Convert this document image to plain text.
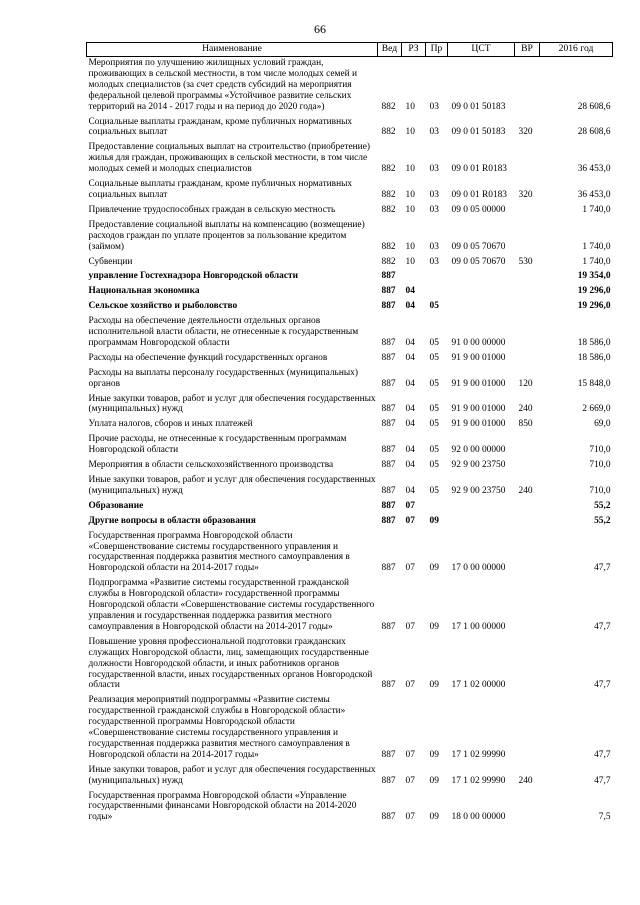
66
Наименование	Вед	РЗ	Пр	ЦСТ	ВР	2016 год
Мероприятия по улучшению жилищных условий граждан, проживающих в сельской местности, в том числе молодых семей и молодых специалистов (за счет средств субсидий на мероприятия федеральной целевой программы «Устойчивое развитие сельских территорий на 2014 - 2017 годы и на период до 2020 года»)	882	10	03	09 0 01 50183		28 608,6
Социальные выплаты гражданам, кроме публичных нормативных социальных выплат	882	10	03	09 0 01 50183	320	28 608,6
Предоставление социальных выплат на строительство (приобретение) жилья для граждан, проживающих в сельской местности, в том числе молодых семей и молодых специалистов	882	10	03	09 0 01 R0183		36 453,0
Социальные выплаты гражданам, кроме публичных нормативных социальных выплат	882	10	03	09 0 01 R0183	320	36 453,0
Привлечение трудоспособных граждан в сельскую местность	882	10	03	09 0 05 00000		1 740,0
Предоставление социальной выплаты на компенсацию (возмещение) расходов граждан по уплате процентов за пользование кредитом (займом)	882	10	03	09 0 05 70670		1 740,0
Субвенции	882	10	03	09 0 05 70670	530	1 740,0
управление Гостехнадзора Новгородской области	887					19 354,0
Национальная экономика	887	04				19 296,0
Сельское хозяйство и рыболовство	887	04	05			19 296,0
Расходы на обеспечение деятельности отдельных органов исполнительной власти области, не отнесенные к государственным программам Новгородской области	887	04	05	91 0 00 00000		18 586,0
Расходы на обеспечение функций государственных органов	887	04	05	91 9 00 01000		18 586,0
Расходы на выплаты персоналу государственных (муниципальных) органов	887	04	05	91 9 00 01000	120	15 848,0
Иные закупки товаров, работ и услуг для обеспечения государственных (муниципальных) нужд	887	04	05	91 9 00 01000	240	2 669,0
Уплата налогов, сборов и иных платежей	887	04	05	91 9 00 01000	850	69,0
Прочие расходы, не отнесенные к государственным программам Новгородской области	887	04	05	92 0 00 00000		710,0
Мероприятия в области сельскохозяйственного производства	887	04	05	92 9 00 23750		710,0
Иные закупки товаров, работ и услуг для обеспечения государственных (муниципальных) нужд	887	04	05	92 9 00 23750	240	710,0
Образование	887	07				55,2
Другие вопросы в области образования	887	07	09			55,2
Государственная программа Новгородской области «Совершенствование системы государственного управления и государственная поддержка развития местного самоуправления в Новгородской области на 2014-2017 годы»	887	07	09	17 0 00 00000		47,7
Подпрограмма «Развитие системы государственной гражданской службы в Новгородской области» государственной программы Новгородской области «Совершенствование системы государственного управления и государственная поддержка развития местного самоуправления в Новгородской области на 2014-2017 годы»	887	07	09	17 1 00 00000		47,7
Повышение уровня профессиональной подготовки гражданских служащих Новгородской области, лиц, замещающих государственные должности Новгородской области, и иных работников органов государственной власти, иных государственных органов Новгородской области	887	07	09	17 1 02 00000		47,7
Реализация мероприятий подпрограммы «Развитие системы государственной гражданской службы в Новгородской области» государственной программы Новгородской области «Совершенствование системы государственного управления и государственная поддержка развития местного самоуправления в Новгородской области на 2014-2017 годы»	887	07	09	17 1 02 99990		47,7
Иные закупки товаров, работ и услуг для обеспечения государственных (муниципальных) нужд	887	07	09	17 1 02 99990	240	47,7
Государственная программа Новгородской области «Управление государственными финансами Новгородской области на 2014-2020 годы»	887	07	09	18 0 00 00000		7,5
